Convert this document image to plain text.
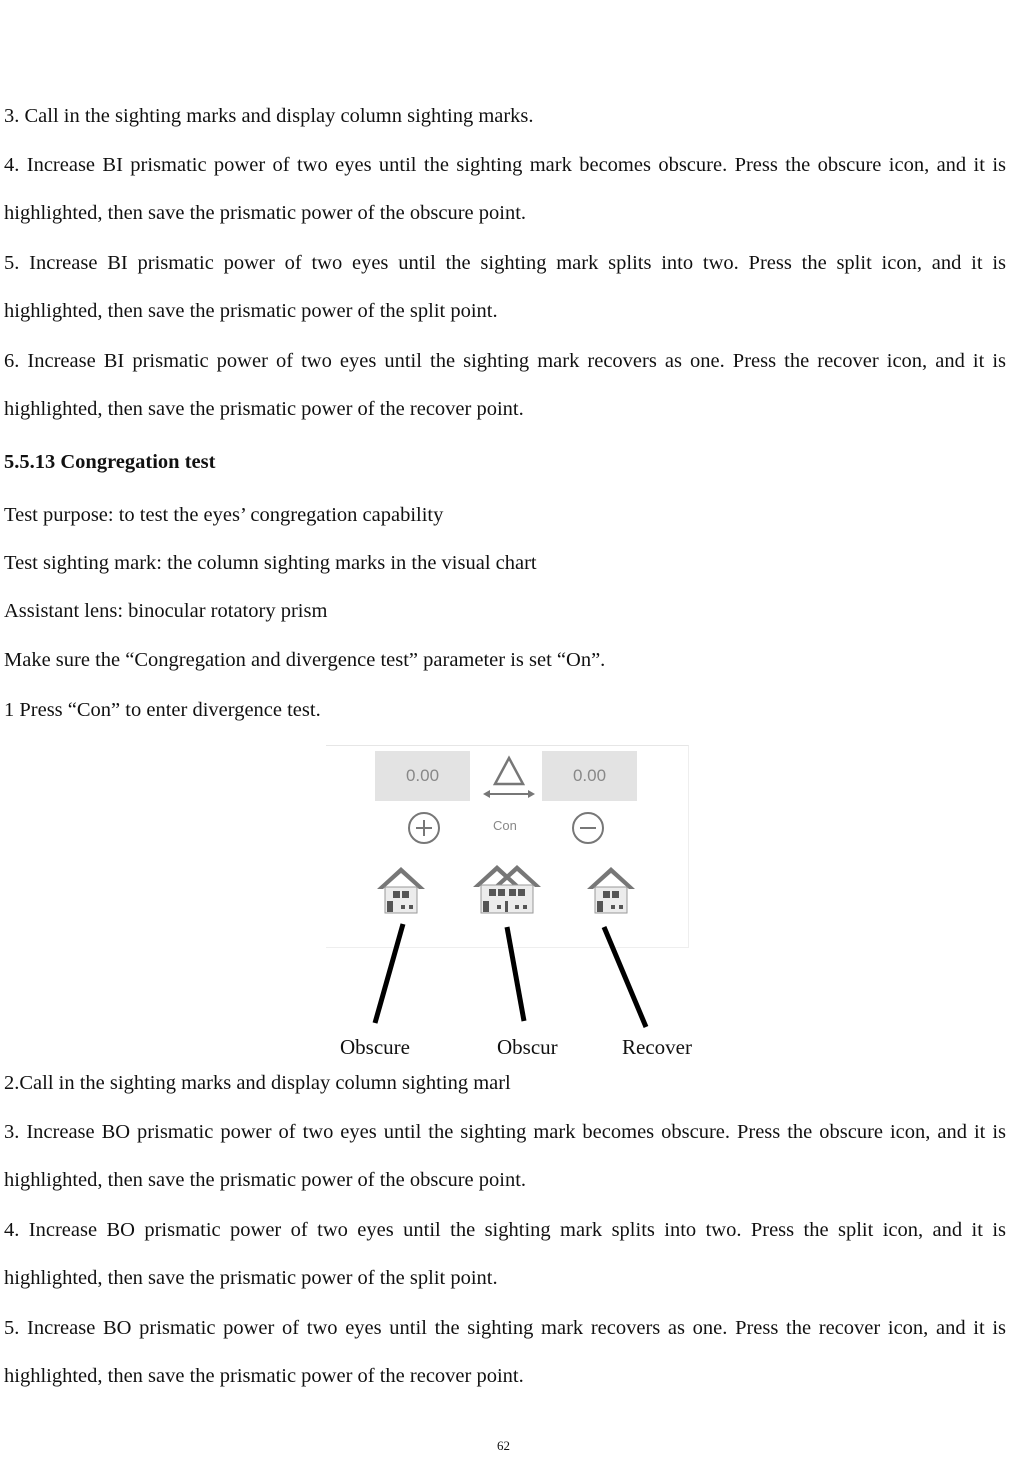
3. Call in the sighting marks and display column sighting marks.

4. Increase BI prismatic power of two eyes until the sighting mark becomes obscure. Press the obscure icon, and it is highlighted, then save the prismatic power of the obscure point.

5. Increase BI prismatic power of two eyes until the sighting mark splits into two. Press the split icon, and it is highlighted, then save the prismatic power of the split point.

6. Increase BI prismatic power of two eyes until the sighting mark recovers as one. Press the recover icon, and it is highlighted, then save the prismatic power of the recover point.

5.5.13 Congregation test

Test purpose: to test the eyes’ congregation capability

Test sighting mark: the column sighting marks in the visual chart

Assistant lens: binocular rotatory prism

Make sure the “Congregation and divergence test” parameter is set “On”.

1 Press “Con” to enter divergence test.

0.00	0.00
Con
Obscure	Obscur	Recover

2.Call in the sighting marks and display column sighting marl

3. Increase BO prismatic power of two eyes until the sighting mark becomes obscure. Press the obscure icon, and it is highlighted, then save the prismatic power of the obscure point.

4. Increase BO prismatic power of two eyes until the sighting mark splits into two. Press the split icon, and it is highlighted, then save the prismatic power of the split point.

5. Increase BO prismatic power of two eyes until the sighting mark recovers as one. Press the recover icon, and it is highlighted, then save the prismatic power of the recover point.

62
